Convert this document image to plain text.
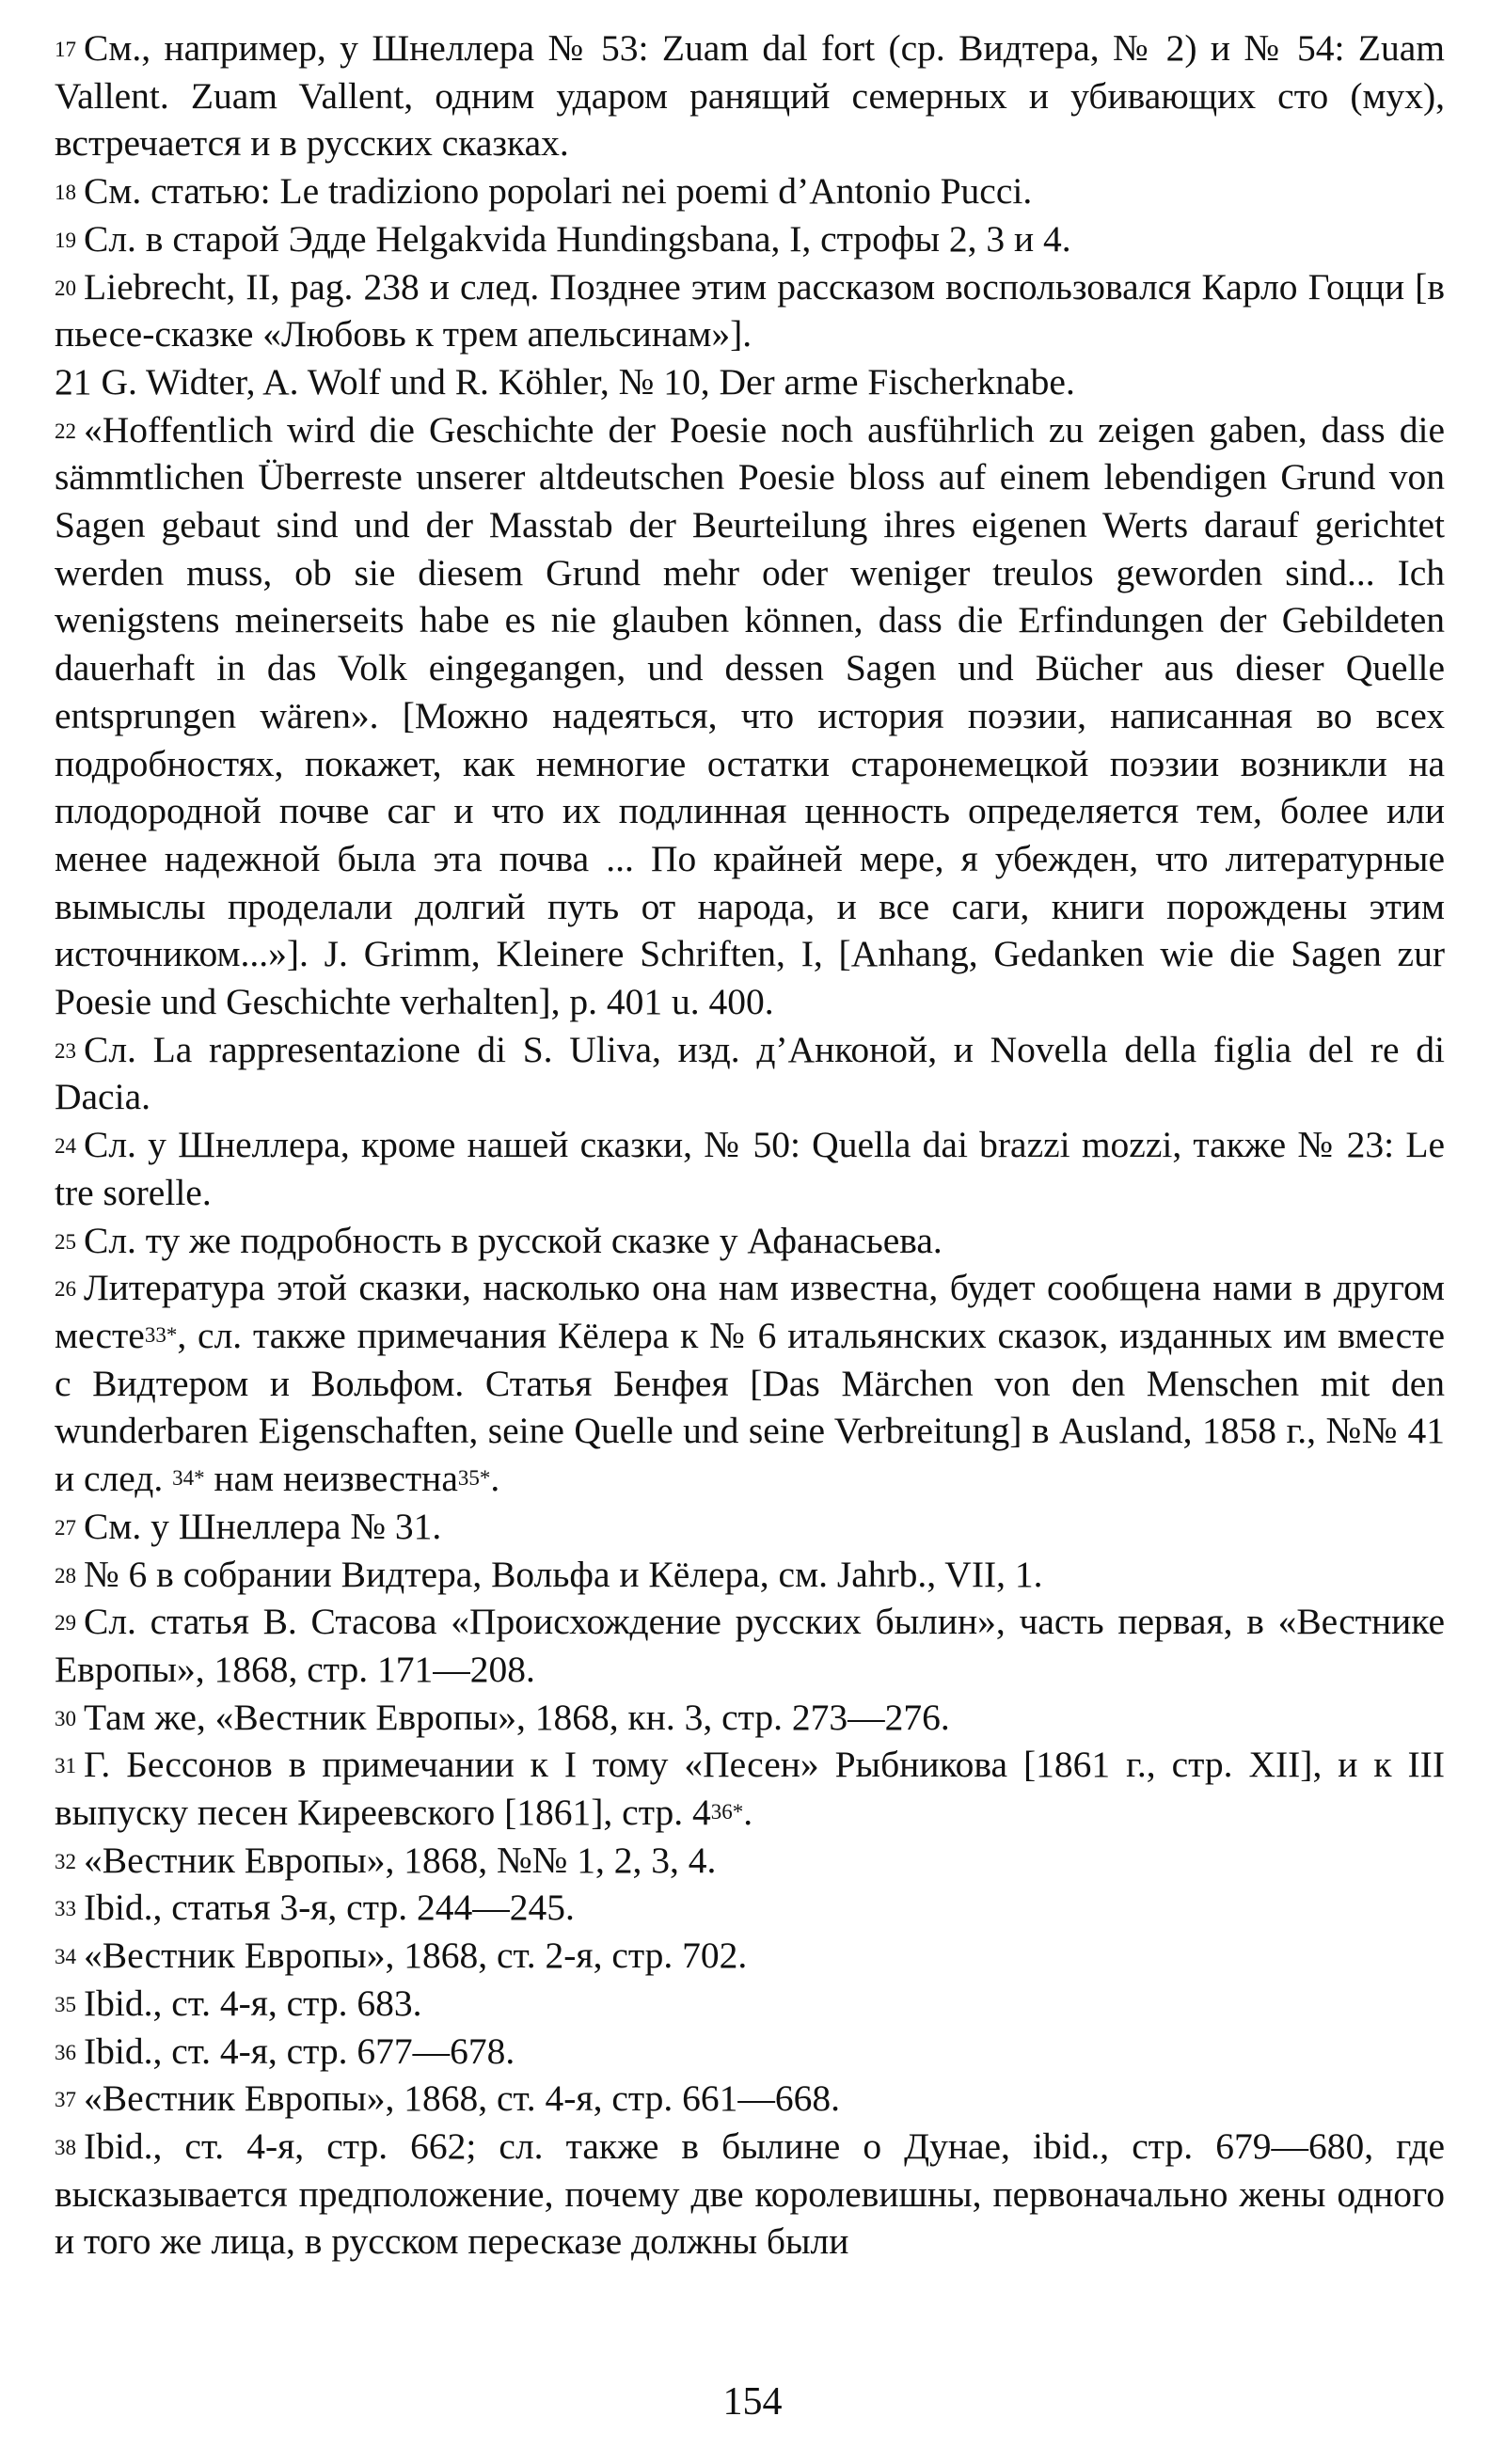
$^{17}$ См., например, у Шнеллера № 53: Zuam dal fort (ср. Видтера, № 2) и № 54: Zuam Vallent. Zuam Vallent, одним ударом ранящий семерных и убивающих сто (мух), встречается и в русских сказках.

$^{18}$ См. статью: Le tradiziono popolari nei poemi d’Antonio Pucci.

$^{19}$ Сл. в старой Эдде Helgakvida Hundingsbana, I, строфы 2, 3 и 4.

$^{20}$ Liebrecht, II, pag. 238 и след. Позднее этим рассказом воспользовался Карло Гоцци [в пьесе-сказке «Любовь к трем апельсинам»].

21 G. Widter, A. Wolf und R. Köhler, № 10, Der arme Fischerknabe.

$^{22}$ «Hoffentlich wird die Geschichte der Poesie noch ausführlich zu zeigen gaben, dass die sämmtlichen Überreste unserer altdeutschen Poesie bloss auf einem lebendigen Grund von Sagen gebaut sind und der Masstab der Beurteilung ihres eigenen Werts darauf gerichtet werden muss, ob sie diesem Grund mehr oder weniger treulos geworden sind... Ich wenigstens meinerseits habe es nie glauben können, dass die Erfindungen der Gebildeten dauerhaft in das Volk eingegangen, und dessen Sagen und Bücher aus dieser Quelle entsprungen wären». [Можно надеяться, что история поэзии, написанная во всех подробностях, покажет, как немногие остатки старонемецкой поэзии возникли на плодородной почве саг и что их подлинная ценность определяется тем, более или менее надежной была эта почва ... По крайней мере, я убежден, что литературные вымыслы проделали долгий путь от народа, и все саги, книги порождены этим источником...»]. J. Grimm, Kleinere Schriften, I, [Anhang, Gedanken wie die Sagen zur Poesie und Geschichte verhalten], p. 401 u. 400.

$^{23}$ Сл. La rappresentazione di S. Uliva, изд. д’Анконой, и Novella della figlia del re di Dacia.

$^{24}$ Сл. у Шнеллера, кроме нашей сказки, № 50: Quella dai brazzi mozzi, также № 23: Le tre sorelle.

$^{25}$ Сл. ту же подробность в русской сказке у Афанасьева.

$^{26}$ Литература этой сказки, насколько она нам известна, будет сообщена нами в другом месте$^{33*}$, сл. также примечания Кёлера к № 6 итальянских сказок, изданных им вместе с Видтером и Вольфом. Статья Бенфея [Das Märchen von den Menschen mit den wunderbaren Eigenschaften, seine Quelle und seine Verbreitung] в Ausland, 1858 г., №№ 41 и след. $^{34*}$ нам неизвестна$^{35*}$.

$^{27}$ См. у Шнеллера № 31.

$^{28}$ № 6 в собрании Видтера, Вольфа и Кёлера, см. Jahrb., VII, 1.

$^{29}$ Сл. статья В. Стасова «Происхождение русских былин», часть первая, в «Вестнике Европы», 1868, стр. 171—208.

$^{30}$ Там же, «Вестник Европы», 1868, кн. 3, стр. 273—276.

$^{31}$ Г. Бессонов в примечании к I тому «Песен» Рыбникова [1861 г., стр. XII], и к III выпуску песен Киреевского [1861], стр. $4^{36*}$.

$^{32}$ «Вестник Европы», 1868, №№ 1, 2, 3, 4.

$^{33}$ Ibid., статья 3-я, стр. 244—245.

$^{34}$ «Вестник Европы», 1868, ст. 2-я, стр. 702.

$^{35}$ Ibid., ст. 4-я, стр. 683.

$^{36}$ Ibid., ст. 4-я, стр. 677—678.

$^{37}$ «Вестник Европы», 1868, ст. 4-я, стр. 661—668.

$^{38}$ Ibid., ст. 4-я, стр. 662; сл. также в былине о Дунае, ibid., стр. 679—680, где высказывается предположение, почему две королевишны, первоначально жены одного и того же лица, в русском пересказе должны были

154
